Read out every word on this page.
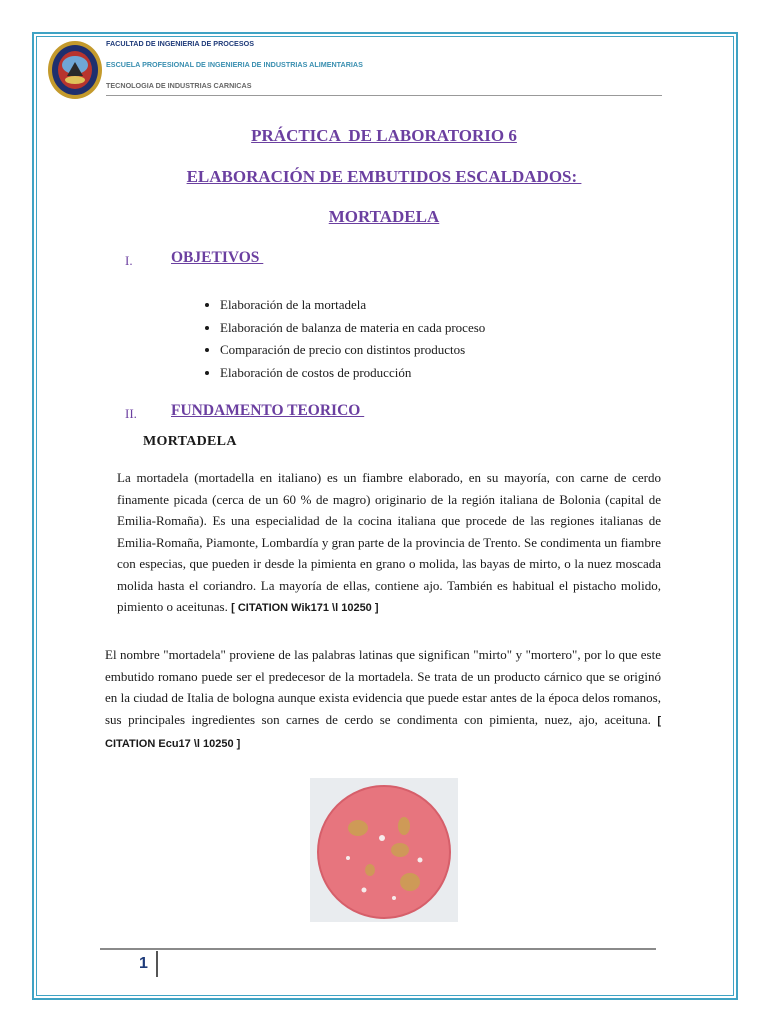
FACULTAD DE INGENIERIA DE PROCESOS
ESCUELA PROFESIONAL DE INGENIERIA DE INDUSTRIAS ALIMENTARIAS
TECNOLOGIA DE INDUSTRIAS CARNICAS
PRÁCTICA  DE LABORATORIO 6
ELABORACIÓN DE EMBUTIDOS ESCALDADOS:
MORTADELA
I. OBJETIVOS
• Elaboración de la mortadela
• Elaboración de balanza de materia en cada proceso
• Comparación de precio con distintos productos
• Elaboración de costos de producción
II. FUNDAMENTO TEORICO
MORTADELA

La mortadela (mortadella en italiano) es un fiambre elaborado, en su mayoría, con carne de cerdo finamente picada (cerca de un 60 % de magro) originario de la región italiana de Bolonia (capital de Emilia-Romaña). Es una especialidad de la cocina italiana que procede de las regiones italianas de Emilia-Romaña, Piamonte, Lombardía y gran parte de la provincia de Trento. Se condimenta un fiambre con especias, que pueden ir desde la pimienta en grano o molida, las bayas de mirto, o la nuez moscada molida hasta el coriandro. La mayoría de ellas, contiene ajo. También es habitual el pistacho molido, pimiento o aceitunas. [ CITATION Wik171 \l 10250 ]

El nombre "mortadela" proviene de las palabras latinas que significan "mirto" y "mortero", por lo que este embutido romano puede ser el predecesor de la mortadela. Se trata de un producto cárnico que se originó en la ciudad de Italia de bologna aunque exista evidencia que puede estar antes de la época delos romanos, sus principales ingredientes son carnes de cerdo se condimenta con pimienta, nuez, ajo, aceituna. [ CITATION Ecu17 \l 10250 ]

1
